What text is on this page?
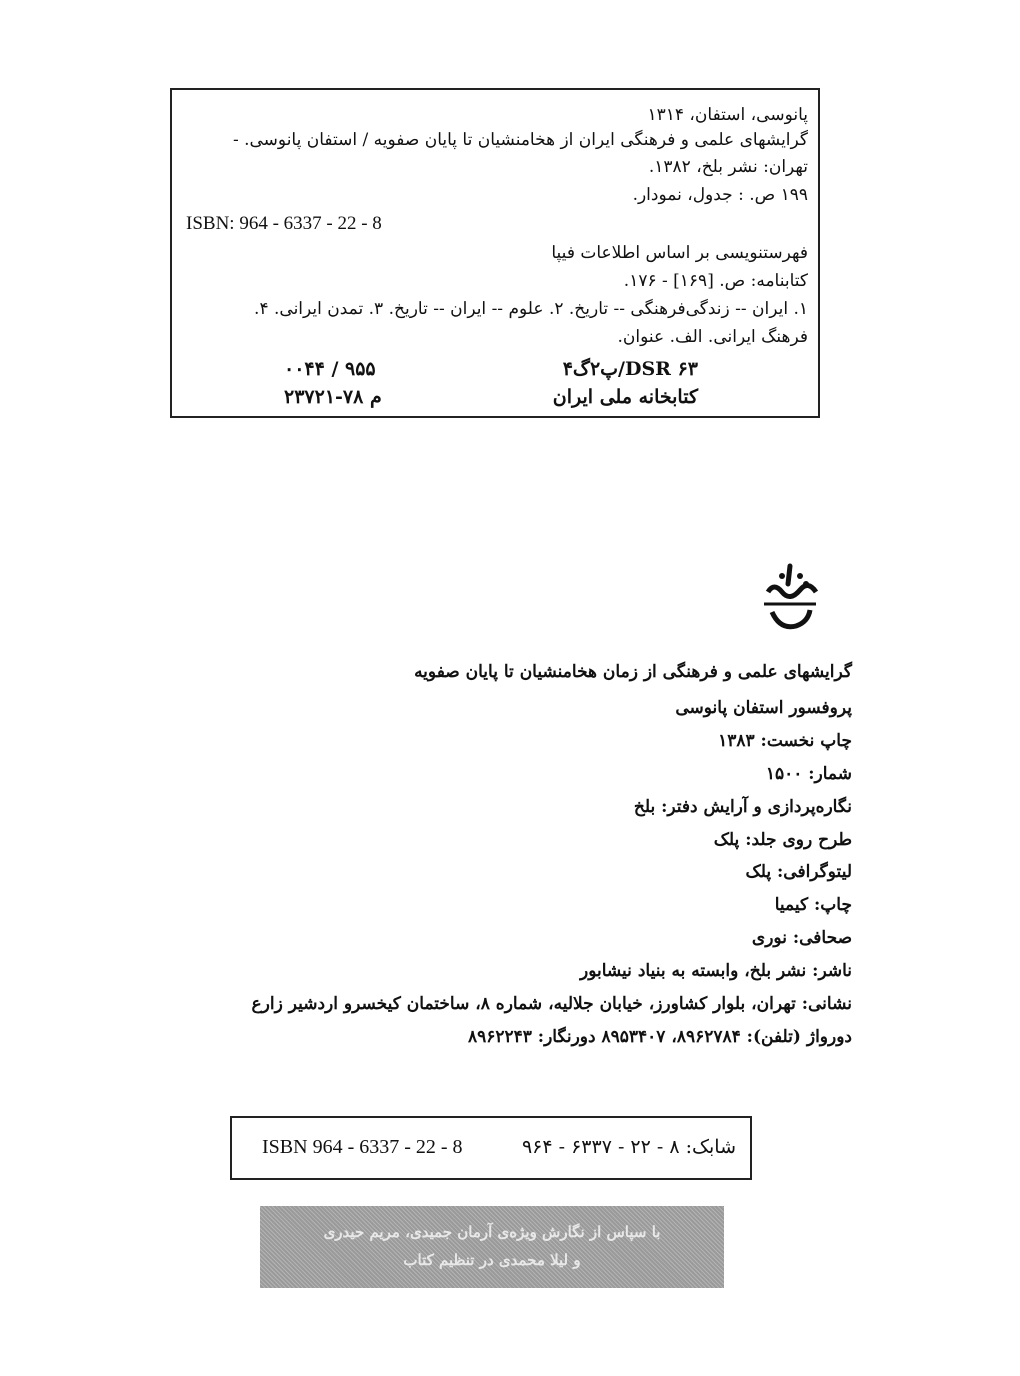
پانوسی، استفان، ۱۳۱۴
گرایشهای علمی و فرهنگی ایران از هخامنشیان تا پایان صفویه / استفان پانوسی. -
تهران: نشر بلخ، ۱۳۸۲.
۱۹۹ ص. : جدول، نمودار.
ISBN: 964 - 6337 - 22 - 8
فهرستنویسی بر اساس اطلاعات فیپا
کتابنامه: ص. [۱۶۹] - ۱۷۶.
۱. ایران -- زندگی‌فرهنگی -- تاریخ. ۲. علوم -- ایران -- تاریخ. ۳. تمدن ایرانی. ۴.
فرهنگ ایرانی. الف. عنوان.
DSR ۶۳/پ۲گ۴
۹۵۵ / ۰۰۴۴
کتابخانه ملی ایران
م ۷۸-۲۳۷۲۱
گرایشهای علمی و فرهنگی از زمان هخامنشیان تا پایان صفویه
پروفسور استفان پانوسی
چاپ نخست: ۱۳۸۳
شمار: ۱۵۰۰
نگاره‌پردازی و آرایش دفتر: بلخ
طرح روی جلد: پلک
لیتوگرافی: پلک
چاپ: کیمیا
صحافی: نوری
ناشر: نشر بلخ، وابسته به بنیاد نیشابور
نشانی: تهران، بلوار کشاورز، خیابان جلالیه، شماره ۸، ساختمان کیخسرو اردشیر زارع
دورواژ (تلفن): ۸۹۶۲۷۸۴، ۸۹۵۳۴۰۷ دورنگار: ۸۹۶۲۲۴۳
ISBN 964 - 6337 - 22 - 8	شابک: ۸ - ۲۲ - ۶۳۳۷ - ۹۶۴
با سپاس از نگارش ویژه‌ی آرمان جمیدی، مریم حیدری
و لیلا محمدی در تنظیم کتاب
